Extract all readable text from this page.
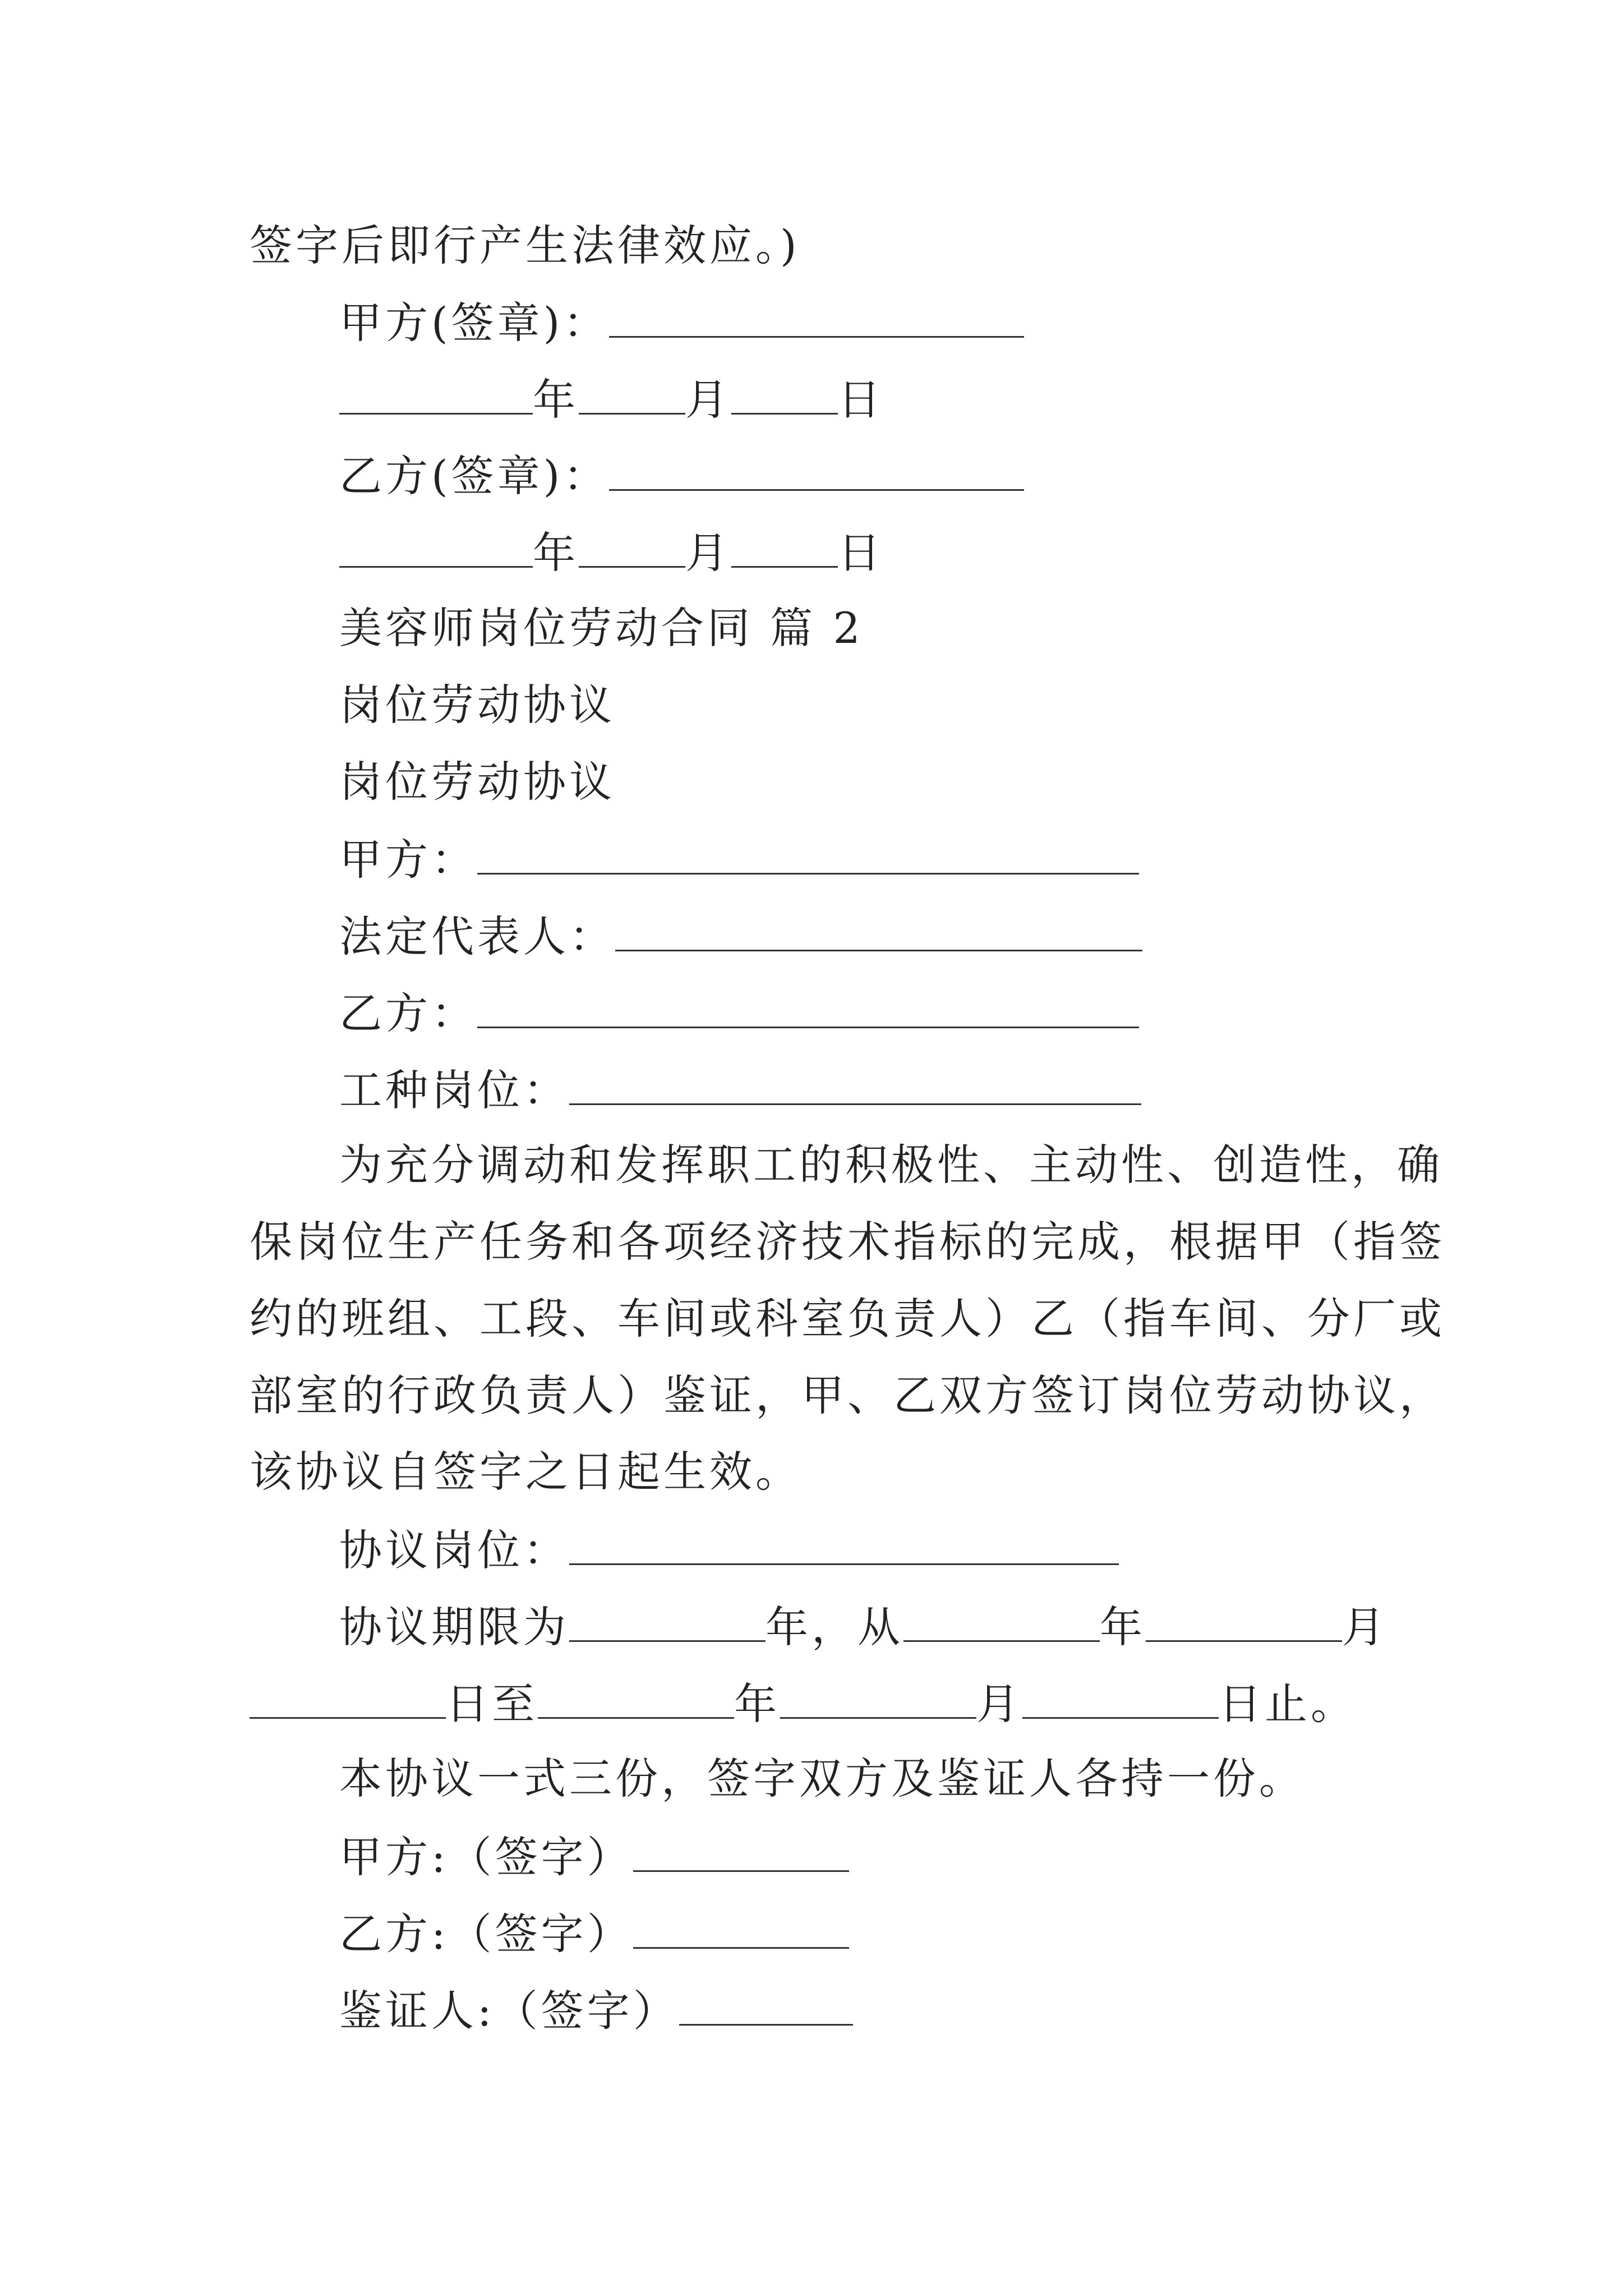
签字后即行产生法律效应。)
甲方(签章)：
年	月	日
乙方(签章)：
年	月	日
美容师岗位劳动合同 篇 2
岗位劳动协议
岗位劳动协议
甲方：
法定代表人：
乙方：
工种岗位：
为充分调动和发挥职工的积极性、主动性、创造性，确
保岗位生产任务和各项经济技术指标的完成，根据甲（指签
约的班组、工段、车间或科室负责人）乙（指车间、分厂或
部室的行政负责人）鉴证，甲、乙双方签订岗位劳动协议，
该协议自签字之日起生效。
协议岗位：
协议期限为	年，从	年	月
日至	年	月	日止。
本协议一式三份，签字双方及鉴证人各持一份。
甲方:（签字）
乙方:（签字）
鉴证人:（签字）
